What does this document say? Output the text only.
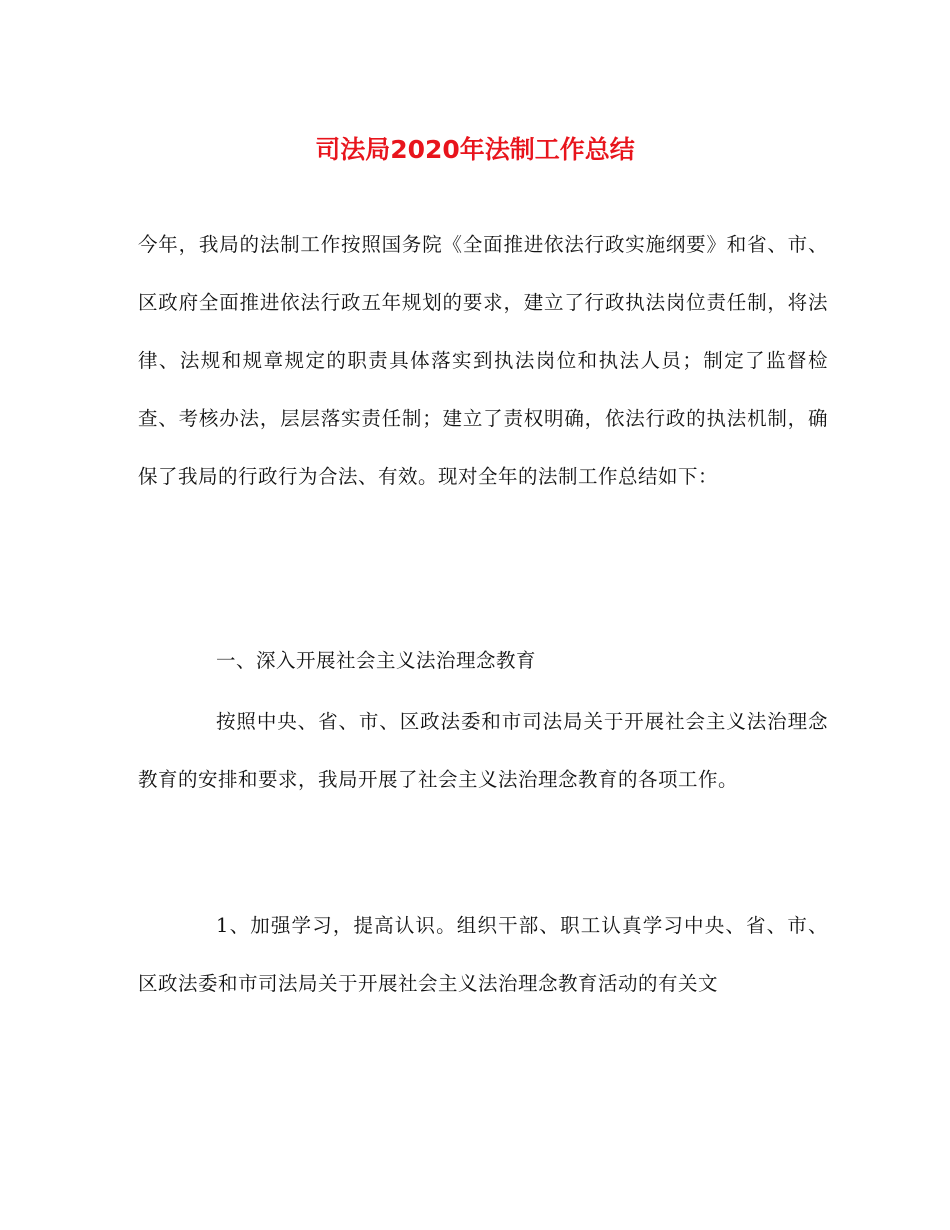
司法局2020年法制工作总结

今年，我局的法制工作按照国务院《全面推进依法行政实施纲要》和省、市、区政府全面推进依法行政五年规划的要求，建立了行政执法岗位责任制，将法律、法规和规章规定的职责具体落实到执法岗位和执法人员；制定了监督检查、考核办法，层层落实责任制；建立了责权明确，依法行政的执法机制，确保了我局的行政行为合法、有效。现对全年的法制工作总结如下：

一、深入开展社会主义法治理念教育

按照中央、省、市、区政法委和市司法局关于开展社会主义法治理念教育的安排和要求，我局开展了社会主义法治理念教育的各项工作。

1、加强学习，提高认识。组织干部、职工认真学习中央、省、市、区政法委和市司法局关于开展社会主义法治理念教育活动的有关文
